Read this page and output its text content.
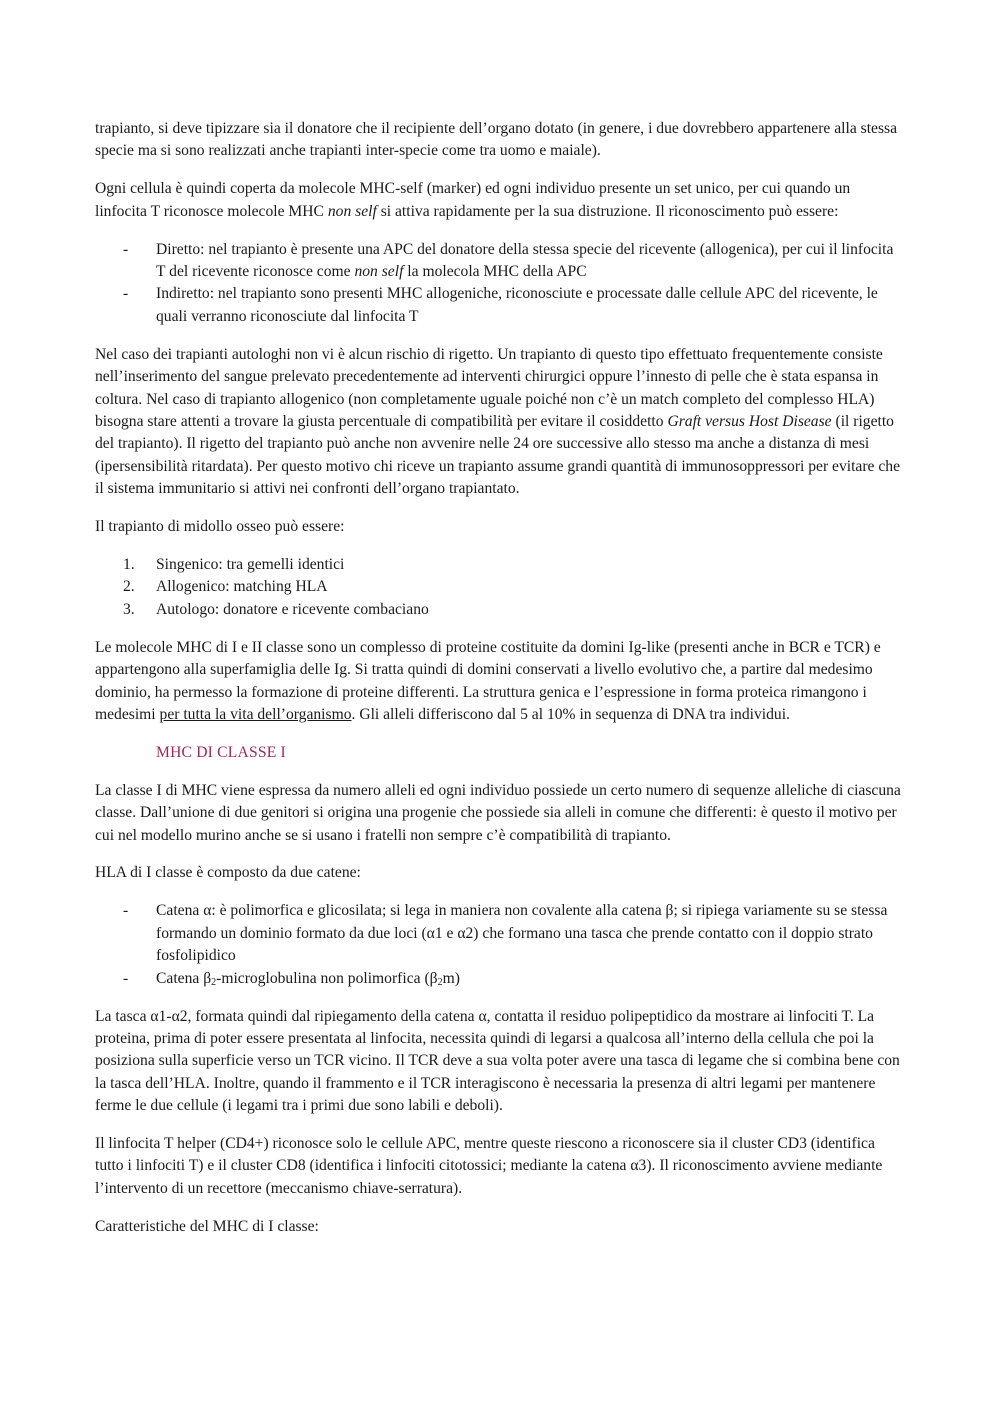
trapianto, si deve tipizzare sia il donatore che il recipiente dell’organo dotato (in genere, i due dovrebbero appartenere alla stessa specie ma si sono realizzati anche trapianti inter-specie come tra uomo e maiale).

Ogni cellula è quindi coperta da molecole MHC-self (marker) ed ogni individuo presente un set unico, per cui quando un linfocita T riconosce molecole MHC non self si attiva rapidamente per la sua distruzione. Il riconoscimento può essere:

- Diretto: nel trapianto è presente una APC del donatore della stessa specie del ricevente (allogenica), per cui il linfocita T del ricevente riconosce come non self la molecola MHC della APC
- Indiretto: nel trapianto sono presenti MHC allogeniche, riconosciute e processate dalle cellule APC del ricevente, le quali verranno riconosciute dal linfocita T

Nel caso dei trapianti autologhi non vi è alcun rischio di rigetto. Un trapianto di questo tipo effettuato frequentemente consiste nell’inserimento del sangue prelevato precedentemente ad interventi chirurgici oppure l’innesto di pelle che è stata espansa in coltura. Nel caso di trapianto allogenico (non completamente uguale poiché non c’è un match completo del complesso HLA) bisogna stare attenti a trovare la giusta percentuale di compatibilità per evitare il cosiddetto Graft versus Host Disease (il rigetto del trapianto). Il rigetto del trapianto può anche non avvenire nelle 24 ore successive allo stesso ma anche a distanza di mesi (ipersensibilità ritardata). Per questo motivo chi riceve un trapianto assume grandi quantità di immunosoppressori per evitare che il sistema immunitario si attivi nei confronti dell’organo trapiantato.

Il trapianto di midollo osseo può essere:

1. Singenico: tra gemelli identici
2. Allogenico: matching HLA
3. Autologo: donatore e ricevente combaciano

Le molecole MHC di I e II classe sono un complesso di proteine costituite da domini Ig-like (presenti anche in BCR e TCR) e appartengono alla superfamiglia delle Ig. Si tratta quindi di domini conservati a livello evolutivo che, a partire dal medesimo dominio, ha permesso la formazione di proteine differenti. La struttura genica e l’espressione in forma proteica rimangono i medesimi per tutta la vita dell’organismo. Gli alleli differiscono dal 5 al 10% in sequenza di DNA tra individui.

MHC DI CLASSE I

La classe I di MHC viene espressa da numero alleli ed ogni individuo possiede un certo numero di sequenze alleliche di ciascuna classe. Dall’unione di due genitori si origina una progenie che possiede sia alleli in comune che differenti: è questo il motivo per cui nel modello murino anche se si usano i fratelli non sempre c’è compatibilità di trapianto.

HLA di I classe è composto da due catene:

- Catena α: è polimorfica e glicosilata; si lega in maniera non covalente alla catena β; si ripiega variamente su se stessa formando un dominio formato da due loci (α1 e α2) che formano una tasca che prende contatto con il doppio strato fosfolipidico
- Catena $\beta_2$-microglobulina non polimorfica $(\beta_2m)$

La tasca α1-α2, formata quindi dal ripiegamento della catena α, contatta il residuo polipeptidico da mostrare ai linfociti T. La proteina, prima di poter essere presentata al linfocita, necessita quindi di legarsi a qualcosa all’interno della cellula che poi la posiziona sulla superficie verso un TCR vicino. Il TCR deve a sua volta poter avere una tasca di legame che si combina bene con la tasca dell’HLA. Inoltre, quando il frammento e il TCR interagiscono è necessaria la presenza di altri legami per mantenere ferme le due cellule (i legami tra i primi due sono labili e deboli).

Il linfocita T helper (CD4+) riconosce solo le cellule APC, mentre queste riescono a riconoscere sia il cluster CD3 (identifica tutto i linfociti T) e il cluster CD8 (identifica i linfociti citotossici; mediante la catena α3). Il riconoscimento avviene mediante l’intervento di un recettore (meccanismo chiave-serratura).

Caratteristiche del MHC di I classe:
